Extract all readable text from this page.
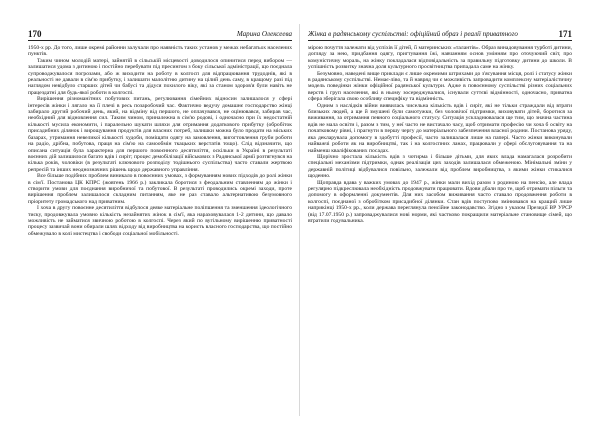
170	Марина Олексеева

1950-х рр. До того, лише окремі районни залучали про наявність таких установ у межах небагатьох населених пунктів.

Таким чином молодій матері, зайнятій в сільській місцевості доводилося опинитися перед вибором — залишатися удома з дитиною і постійно перебувати під пресингом з боку сільської адміністрації, що поєднала супроводжувалося погрозами, або ж виходити на роботу в колгосп для відпрацювання трудоднів, які в реальності не давали в сім'ю прибутку, і залишати малолітню дитину на цілий день саму, в кращому разі під наглядом невідбуло старших дітей чи бабусі та дідуся похилого віку, які за станом здоров'я були навіть не працездатні для будь-якої роботи в колгоспі.

Вирішення різноманітних побутових питань, регулювання сімейних відносин залишалося у сфері інтересів жінки і лягало на її плечі в ресь позаробочий час. Фактично ведучу домашнє господарство жінці забирало другий робочий день, який, на відміну від першого, не оплачувався, не оцінювався, забирав час, необхідний для відновлення сил. Таким чином, приналежна в сім'ю родові, і одночасно при їх недостатній кількості мусила економити, і паралельно шукати шляхи для отримання додаткового прибутку (обробіток присадибних ділянок і вирощування продуктів для власних потреб, залишки можна було продати на міських базарах, утримання невеликої кількості худоби, поміщати одягу на замовлення, вигогтовлення груби роботи на радіо, дрібна, побутова, праця на сім'ю на самообмін ткацьких верстатів тощо). Слід відзначити, що описана ситуація була характерна для першого повоєнного десятиліття, оскільки в Україні в результаті воєнних дій залишилося багато вдів і сиріт; процес демобілізації військових з Радянської армії розтягнувся на кілька років, чоловіки (в результаті ключового розподілу тодішнього суспільства) часто ставали жертвою репресій та інших неоднозначних рішень щодо державного управління.

Все більше подібних проблем виникало в повоєнних умовах, з формуванням нових підходів до ролі жінки в сім'ї. Постанова ЦК КПРС (жовтень 1966 р.) закликала боротися з феодальним ставленням до жінки і створити умови для поєднання виробничої та побутової. В результаті проводились окремі заходи, проте вирішення проблем залишалося складним питанням, яке не раз ставало альтернативою безумовного пріоритету громадського над приватним.

І хоча в другу повоєнне десятиліття відбулося деяке матеріальне поліпшення та зменшення ідеологічного тиску, продовжувала умовно кількість незайнятих жінок в сім'ї, яка нараховувалася 1-2 дитини, що давало можливість не займатися звичною роботою в колгоспі. Через який по вугільному вирішенню приватності процесу зазвичай вони обирали шлях відходу від виробництва на користь власного господарства, що постійно обмежувало в колі мистецтва і свободи соціальної мобільності.

Жінка в радянському суспільстві: офіційний образ і реалії приватного	171

мірою почуття залежати від успіхів її дітей, її материнських «талантів». Образ винадовування турботі дитини, догляду за нею, придбання одягу, пригтування їжі, навчанням основ умінням про оточуючий світ, про комуністичну мораль, на жінку покладалася відповідальність за правильну підготовку дитини до школи. В успішність розвитку значна доля культурного просвітництва припадала саме на жінку.

Безумовно, наведені вище приклади є лише окремими штрихами до з'ясування місця, ролі і статусу жінки в радянському суспільстві. Немає-ліво, та й навряд чи є можливість запровадити комплексну матеріалістичну модель поведінки жінки офіційної радянської культури. Адже в повоєнному суспільстві різних соціальних верств і груп населення, які в ньому зосереджувалися, існували суттєві відмінності, одночасно, приватна сфера зберігала свою особливу специфіку та відмінність.

Одним з наслідків війни виявилась чисельна кількість вдів і сиріт, які не тільки страждали від втрати близьких людей, а ще й змушені були самотужки, без чоловічої підтримки, виховувати дітей, боротися за виживання, за отримання певного соціального статусу. Ситуація ускладнювалася ще тим, що значна частина вдів не мала освіти і, разом з тим, у неї часто не вистачало часу, щоб отримати професію чи хоча б освіту на початковому рівні, і прагнути в першу чергу до матеріального забезпечення власної родини. Постанова уряду, яка декларувала допомогу в здобутті професії, часто залишалася лише на папері. Часто жінки виконували найважчі роботи як на виробництві, так і на колгоспних ланах, працювали у сфері обслуговування та на найменш кваліфікованих посадах.

Щорічно зростала кількість вдів з чотирма і більше дітьми, для яких влада намагалася розробити спеціальні механізми підтримки, однак реалізація цих заходів залишалася обмеженою. Мінімальні зміни у державній політиці відбувалися повільно, залежали від проблем виробництва, з якими жінки стикалися щоденно.

Щоправда вдава у важких умовах до 1947 р., жінки мали вихід разом з родиною на пенсію, але влада регулярно підкреслювала необхідність продовжувати працювати. Вдови дбали про те, щоб отримати пільги та допомогу в оформленні документів. Для них засобом виживання часто ставало продовження роботи в колгоспі, поєднаної з обробітком присадибної ділянки. Стан вдів поступово змінювався на кращий лише наприкінці 1950-х рр., коли держава переглянула пенсійне законодавство. Згідно з указом Президії ВР УРСР (від 17.07.1950 р.) запроваджувалися нові норми, які частково покращили матеріальне становище сімей, що втратили годувальника.
